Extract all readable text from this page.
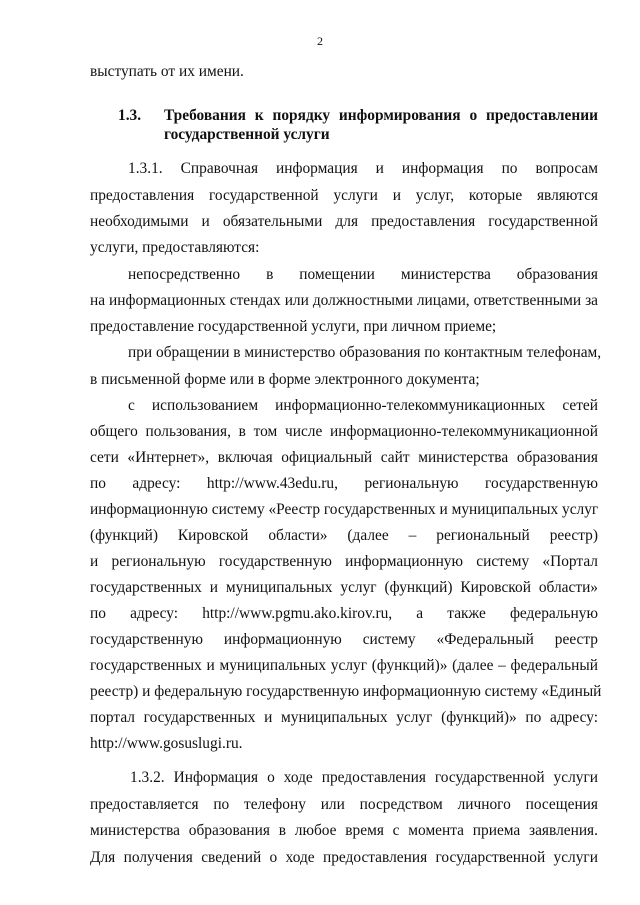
2
выступать от их имени.
1.3. Требования к порядку информирования о предоставлении
государственной услуги
1.3.1. Справочная информация и информация по вопросам
предоставления государственной услуги и услуг, которые являются
необходимыми и обязательными для предоставления государственной
услуги, предоставляются:
непосредственно в помещении министерства образования
на информационных стендах или должностными лицами, ответственными за
предоставление государственной услуги, при личном приеме;
при обращении в министерство образования по контактным телефонам,
в письменной форме или в форме электронного документа;
с использованием информационно-телекоммуникационных сетей
общего пользования, в том числе информационно-телекоммуникационной
сети «Интернет», включая официальный сайт министерства образования
по адресу: http://www.43edu.ru, региональную государственную
информационную систему «Реестр государственных и муниципальных услуг
(функций) Кировской области» (далее – региональный реестр)
и региональную государственную информационную систему «Портал
государственных и муниципальных услуг (функций) Кировской области»
по адресу: http://www.pgmu.ako.kirov.ru, а также федеральную
государственную информационную систему «Федеральный реестр
государственных и муниципальных услуг (функций)» (далее – федеральный
реестр) и федеральную государственную информационную систему «Единый
портал государственных и муниципальных услуг (функций)» по адресу:
http://www.gosuslugi.ru.
1.3.2. Информация о ходе предоставления государственной услуги
предоставляется по телефону или посредством личного посещения
министерства образования в любое время с момента приема заявления.
Для получения сведений о ходе предоставления государственной услуги
